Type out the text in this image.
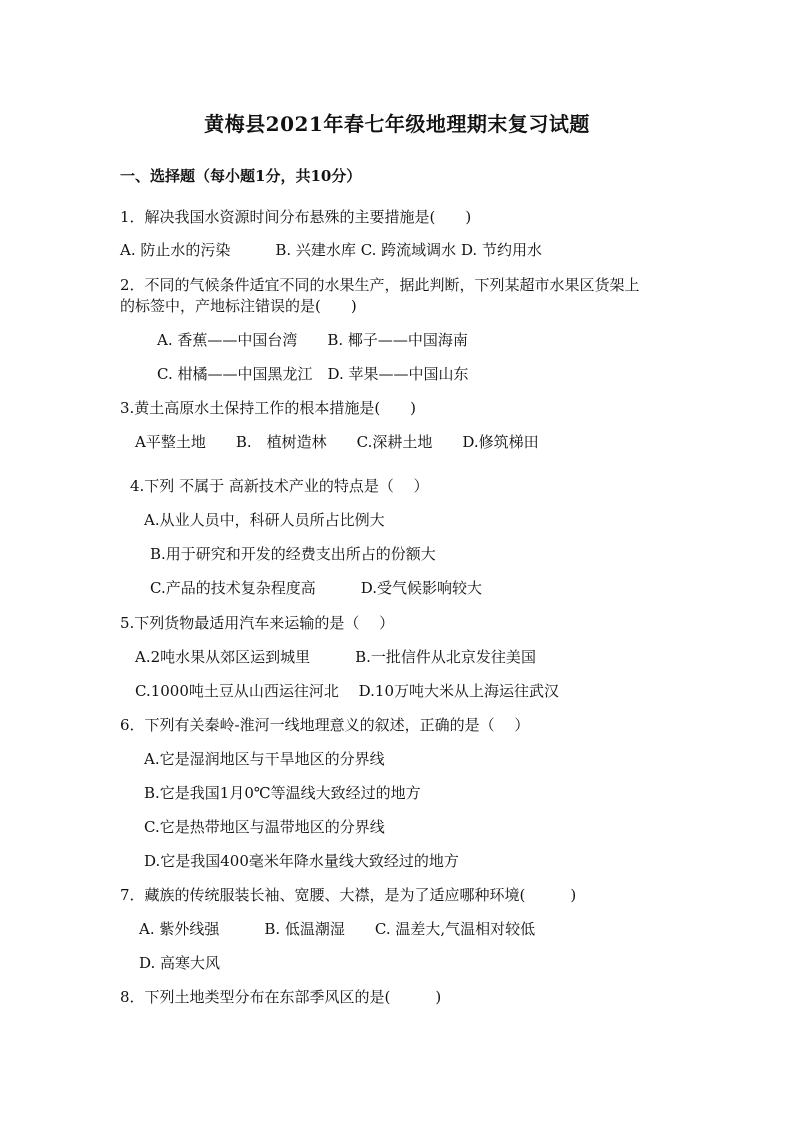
黄梅县2021年春七年级地理期末复习试题
一、选择题（每小题1分，共10分）
1．解决我国水资源时间分布悬殊的主要措施是(　　)
A. 防止水的污染　　　B. 兴建水库 C. 跨流域调水 D. 节约用水
2．不同的气候条件适宜不同的水果生产，据此判断，下列某超市水果区货架上
的标签中，产地标注错误的是(　　)
A. 香蕉——中国台湾　　B. 椰子——中国海南
C. 柑橘——中国黑龙江　D. 苹果——中国山东
3.黄土高原水土保持工作的根本措施是(　　)
A平整土地　　B.　植树造林　　C.深耕土地　　D.修筑梯田
4.下列 不属于 高新技术产业的特点是（　 ）
A.从业人员中，科研人员所占比例大
B.用于研究和开发的经费支出所占的份额大
C.产品的技术复杂程度高　　　D.受气候影响较大
5.下列货物最适用汽车来运输的是（　 ）
A.2吨水果从郊区运到城里　　　B.一批信件从北京发往美国
C.1000吨土豆从山西运往河北　 D.10万吨大米从上海运往武汉
6．下列有关秦岭-淮河一线地理意义的叙述，正确的是（　 ）
A.它是湿润地区与干旱地区的分界线
B.它是我国1月0℃等温线大致经过的地方
C.它是热带地区与温带地区的分界线
D.它是我国400毫米年降水量线大致经过的地方
7．藏族的传统服装长袖、宽腰、大襟，是为了适应哪种环境(　　　)
A. 紫外线强　　　B. 低温潮湿　　C. 温差大,气温相对较低
D. 高寒大风
8．下列土地类型分布在东部季风区的是(　　　)
